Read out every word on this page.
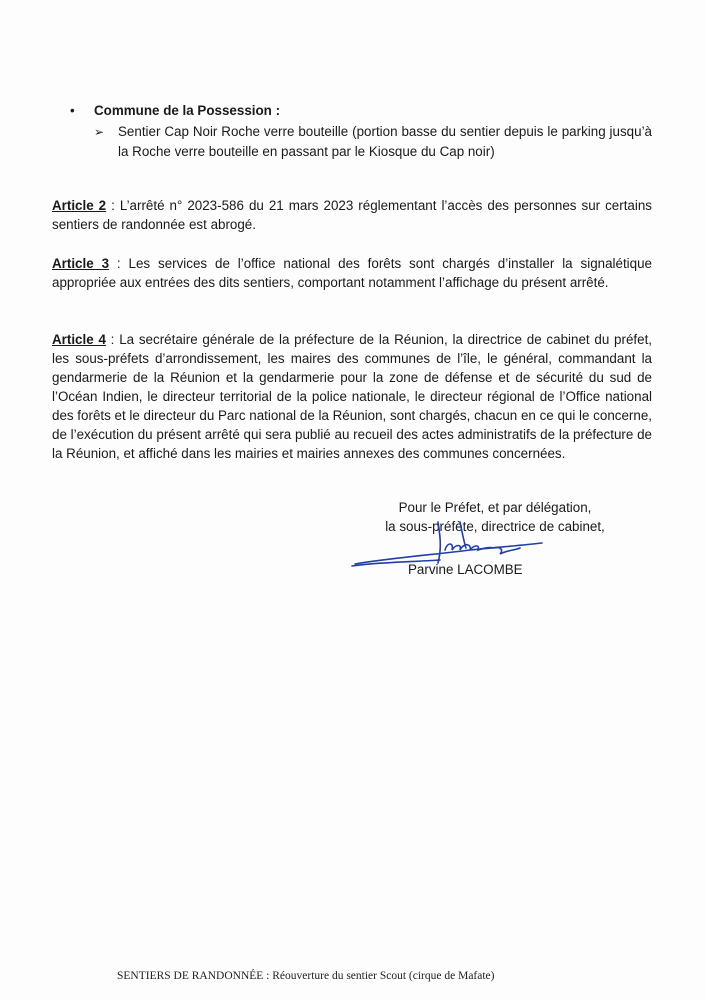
• Commune de la Possession :
➢	Sentier Cap Noir Roche verre bouteille (portion basse du sentier depuis le parking jusqu’à la Roche verre bouteille en passant par le Kiosque du Cap noir)
Article 2 : L’arrêté n° 2023-586 du 21 mars 2023 réglementant l’accès des personnes sur certains sentiers de randonnée est abrogé.
Article 3 : Les services de l’office national des forêts sont chargés d’installer la signalétique appropriée aux entrées des dits sentiers, comportant notamment l’affichage du présent arrêté.
Article 4 : La secrétaire générale de la préfecture de la Réunion, la directrice de cabinet du préfet, les sous-préfets d’arrondissement, les maires des communes de l’île, le général, commandant la gendarmerie de la Réunion et la gendarmerie pour la zone de défense et de sécurité du sud de l’Océan Indien, le directeur territorial de la police nationale, le directeur régional de l’Office national des forêts et le directeur du Parc national de la Réunion, sont chargés, chacun en ce qui le concerne, de l’exécution du présent arrêté qui sera publié au recueil des actes administratifs de la préfecture de la Réunion, et affiché dans les mairies et mairies annexes des communes concernées.
Pour le Préfet, et par délégation,
la sous-préfète, directrice de cabinet,
Parvine LACOMBE
SENTIERS DE RANDONNÉE : Réouverture du sentier Scout (cirque de Mafate)
